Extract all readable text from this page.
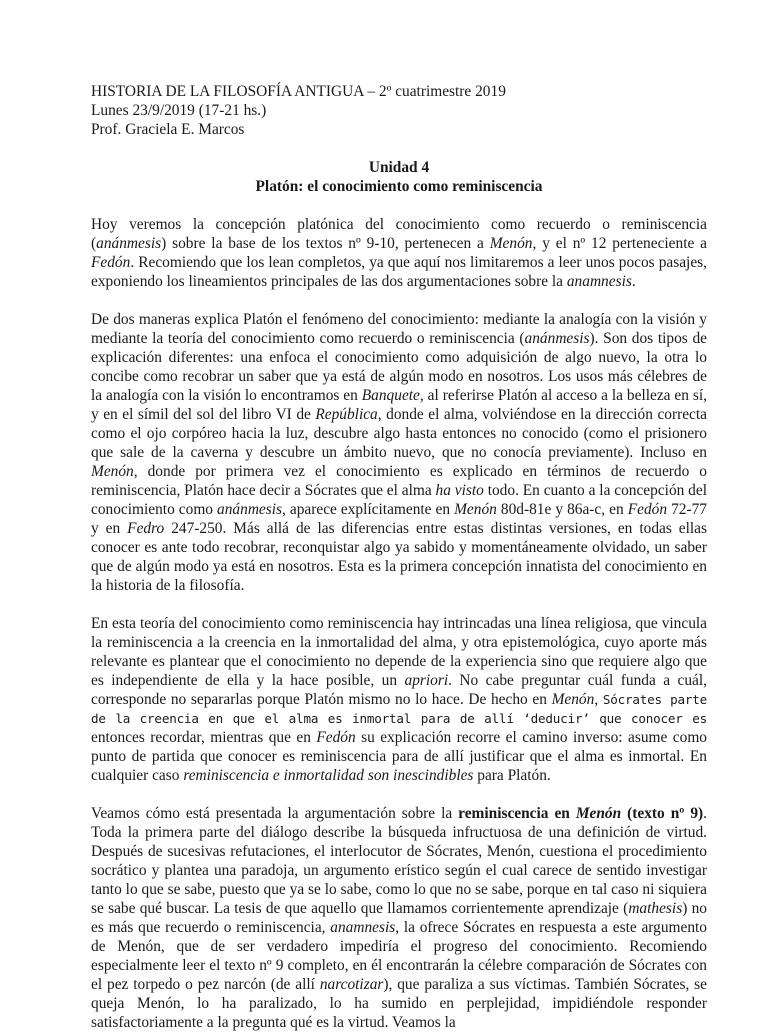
HISTORIA DE LA FILOSOFÍA ANTIGUA – 2º cuatrimestre 2019

Lunes 23/9/2019 (17-21 hs.)

Prof. Graciela E. Marcos

Unidad 4

Platón: el conocimiento como reminiscencia

Hoy veremos la concepción platónica del conocimiento como recuerdo o reminiscencia (anánmesis) sobre la base de los textos nº 9-10, pertenecen a Menón, y el nº 12 perteneciente a Fedón. Recomiendo que los lean completos, ya que aquí nos limitaremos a leer unos pocos pasajes, exponiendo los lineamientos principales de las dos argumentaciones sobre la anamnesis.

De dos maneras explica Platón el fenómeno del conocimiento: mediante la analogía con la visión y mediante la teoría del conocimiento como recuerdo o reminiscencia (anánmesis). Son dos tipos de explicación diferentes: una enfoca el conocimiento como adquisición de algo nuevo, la otra lo concibe como recobrar un saber que ya está de algún modo en nosotros. Los usos más célebres de la analogía con la visión lo encontramos en Banquete, al referirse Platón al acceso a la belleza en sí, y en el símil del sol del libro VI de República, donde el alma, volviéndose en la dirección correcta como el ojo corpóreo hacia la luz, descubre algo hasta entonces no conocido (como el prisionero que sale de la caverna y descubre un ámbito nuevo, que no conocía previamente). Incluso en Menón, donde por primera vez el conocimiento es explicado en términos de recuerdo o reminiscencia, Platón hace decir a Sócrates que el alma ha visto todo. En cuanto a la concepción del conocimiento como anánmesis, aparece explícitamente en Menón 80d-81e y 86a-c, en Fedón 72-77 y en Fedro 247-250. Más allá de las diferencias entre estas distintas versiones, en todas ellas conocer es ante todo recobrar, reconquistar algo ya sabido y momentáneamente olvidado, un saber que de algún modo ya está en nosotros. Esta es la primera concepción innatista del conocimiento en la historia de la filosofía.

En esta teoría del conocimiento como reminiscencia hay intrincadas una línea religiosa, que vincula la reminiscencia a la creencia en la inmortalidad del alma, y otra epistemológica, cuyo aporte más relevante es plantear que el conocimiento no depende de la experiencia sino que requiere algo que es independiente de ella y la hace posible, un apriori. No cabe preguntar cuál funda a cuál, corresponde no separarlas porque Platón mismo no lo hace. De hecho en Menón, Sócrates parte de la creencia en que el alma es inmortal para de allí ‘deducir’ que conocer es entonces recordar, mientras que en Fedón su explicación recorre el camino inverso: asume como punto de partida que conocer es reminiscencia para de allí justificar que el alma es inmortal. En cualquier caso reminiscencia e inmortalidad son inescindibles para Platón.

Veamos cómo está presentada la argumentación sobre la reminiscencia en Menón (texto nº 9). Toda la primera parte del diálogo describe la búsqueda infructuosa de una definición de virtud. Después de sucesivas refutaciones, el interlocutor de Sócrates, Menón, cuestiona el procedimiento socrático y plantea una paradoja, un argumento erístico según el cual carece de sentido investigar tanto lo que se sabe, puesto que ya se lo sabe, como lo que no se sabe, porque en tal caso ni siquiera se sabe qué buscar. La tesis de que aquello que llamamos corrientemente aprendizaje (mathesis) no es más que recuerdo o reminiscencia, anamnesis, la ofrece Sócrates en respuesta a este argumento de Menón, que de ser verdadero impediría el progreso del conocimiento. Recomiendo especialmente leer el texto nº 9 completo, en él encontrarán la célebre comparación de Sócrates con el pez torpedo o pez narcón (de allí narcotizar), que paraliza a sus víctimas. También Sócrates, se queja Menón, lo ha paralizado, lo ha sumido en perplejidad, impidiéndole responder satisfactoriamente a la pregunta qué es la virtud. Veamos la
